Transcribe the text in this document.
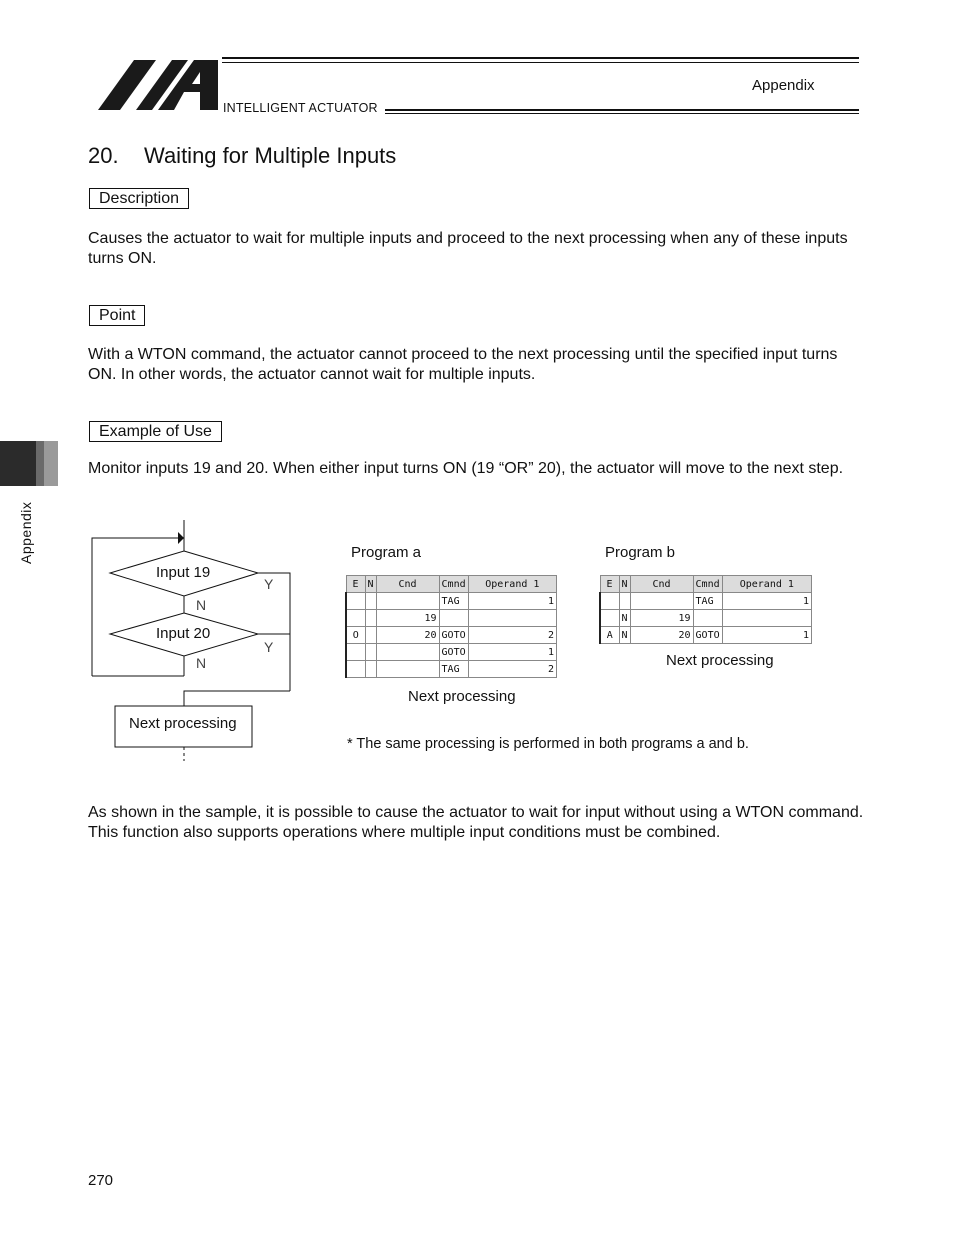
INTELLIGENT ACTUATOR
Appendix
Appendix
20. Waiting for Multiple Inputs
Description
Causes the actuator to wait for multiple inputs and proceed to the next processing when any of these inputs turns ON.
Point
With a WTON command, the actuator cannot proceed to the next processing until the specified input turns ON. In other words, the actuator cannot wait for multiple inputs.
Example of Use
Monitor inputs 19 and 20. When either input turns ON (19 “OR” 20), the actuator will move to the next step.
Input 19
Input 20
Y
Y
N
N
Next processing
Program a
E	N	Cnd	Cmnd	Operand 1
			TAG	1
		19		
O		20	GOTO	2
			GOTO	1
			TAG	2
Next processing
Program b
E	N	Cnd	Cmnd	Operand 1
			TAG	1
	N	19		
A	N	20	GOTO	1
Next processing
* The same processing is performed in both programs a and b.
As shown in the sample, it is possible to cause the actuator to wait for input without using a WTON command. This function also supports operations where multiple input conditions must be combined.
270
